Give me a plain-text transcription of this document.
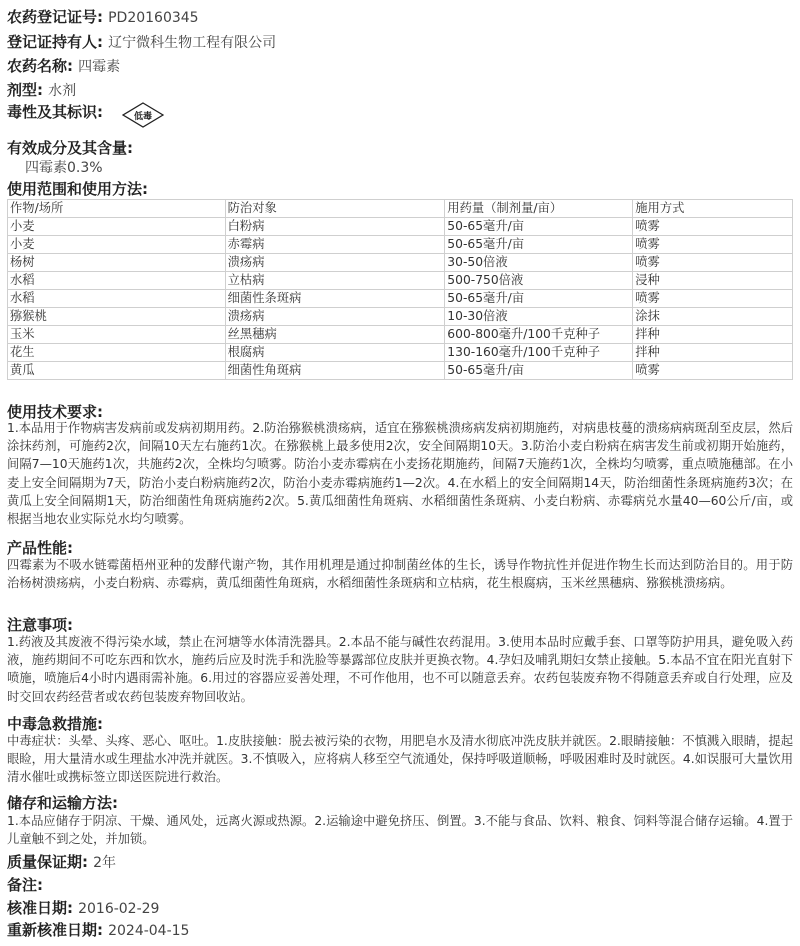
农药登记证号: PD20160345
登记证持有人: 辽宁微科生物工程有限公司
农药名称: 四霉素
剂型: 水剂
毒性及其标识:	低毒
有效成分及其含量:
四霉素0.3%
使用范围和使用方法:
作物/场所	防治对象	用药量（制剂量/亩）	施用方式
小麦	白粉病	50-65毫升/亩	喷雾
小麦	赤霉病	50-65毫升/亩	喷雾
杨树	溃疡病	30-50倍液	喷雾
水稻	立枯病	500-750倍液	浸种
水稻	细菌性条斑病	50-65毫升/亩	喷雾
猕猴桃	溃疡病	10-30倍液	涂抹
玉米	丝黑穗病	600-800毫升/100千克种子	拌种
花生	根腐病	130-160毫升/100千克种子	拌种
黄瓜	细菌性角斑病	50-65毫升/亩	喷雾
使用技术要求:

1.本品用于作物病害发病前或发病初期用药。2.防治猕猴桃溃疡病，适宜在猕猴桃溃疡病发病初期施药，对病患枝蔓的溃疡病病斑刮至皮层，然后涂抹药剂，可施药2次，间隔10天左右施药1次。在猕猴桃上最多使用2次，安全间隔期10天。3.防治小麦白粉病在病害发生前或初期开始施药，间隔7—10天施药1次，共施药2次，全株均匀喷雾。防治小麦赤霉病在小麦扬花期施药，间隔7天施药1次，全株均匀喷雾，重点喷施穗部。在小麦上安全间隔期为7天，防治小麦白粉病施药2次，防治小麦赤霉病施药1—2次。4.在水稻上的安全间隔期14天，防治细菌性条斑病施药3次；在黄瓜上安全间隔期1天，防治细菌性角斑病施药2次。5.黄瓜细菌性角斑病、水稻细菌性条斑病、小麦白粉病、赤霉病兑水量40—60公斤/亩，或根据当地农业实际兑水均匀喷雾。

产品性能:

四霉素为不吸水链霉菌梧州亚种的发酵代谢产物，其作用机理是通过抑制菌丝体的生长，诱导作物抗性并促进作物生长而达到防治目的。用于防治杨树溃疡病，小麦白粉病、赤霉病，黄瓜细菌性角斑病，水稻细菌性条斑病和立枯病，花生根腐病，玉米丝黑穗病、猕猴桃溃疡病。

注意事项:

1.药液及其废液不得污染水域，禁止在河塘等水体清洗器具。2.本品不能与碱性农药混用。3.使用本品时应戴手套、口罩等防护用具，避免吸入药液，施药期间不可吃东西和饮水，施药后应及时洗手和洗脸等暴露部位皮肤并更换衣物。4.孕妇及哺乳期妇女禁止接触。5.本品不宜在阳光直射下喷施，喷施后4小时内遇雨需补施。6.用过的容器应妥善处理，不可作他用，也不可以随意丢弃。农药包装废弃物不得随意丢弃或自行处理，应及时交回农药经营者或农药包装废弃物回收站。

中毒急救措施:

中毒症状：头晕、头疼、恶心、呕吐。1.皮肤接触：脱去被污染的衣物，用肥皂水及清水彻底冲洗皮肤并就医。2.眼睛接触：不慎溅入眼睛，提起眼睑，用大量清水或生理盐水冲洗并就医。3.不慎吸入，应将病人移至空气流通处，保持呼吸道顺畅，呼吸困难时及时就医。4.如误服可大量饮用清水催吐或携标签立即送医院进行救治。

储存和运输方法:

1.本品应储存于阴凉、干燥、通风处，远离火源或热源。2.运输途中避免挤压、倒置。3.不能与食品、饮料、粮食、饲料等混合储存运输。4.置于儿童触不到之处，并加锁。

质量保证期: 2年
备注:
核准日期: 2016-02-29
重新核准日期: 2024-04-15
